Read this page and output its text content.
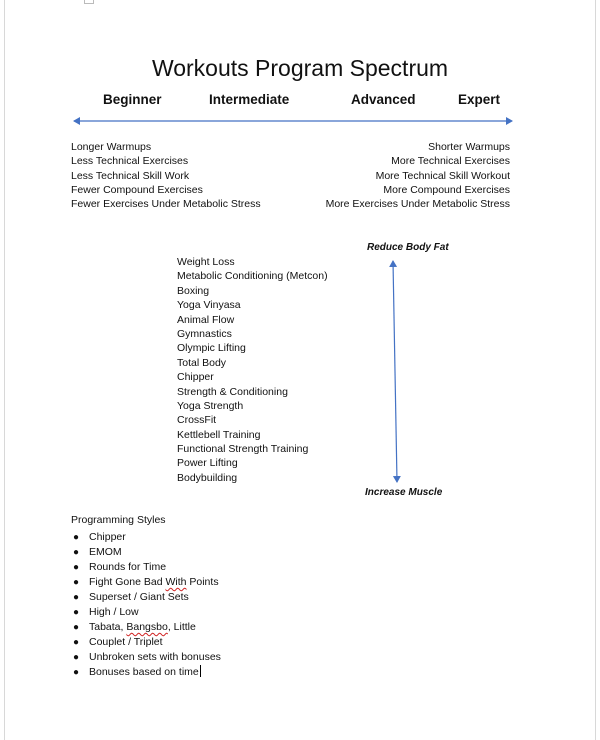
Workouts Program Spectrum
Beginner	Intermediate	Advanced	Expert
Longer Warmups
Less Technical Exercises
Less Technical Skill Work
Fewer Compound Exercises
Fewer Exercises Under Metabolic Stress
Shorter Warmups
More Technical Exercises
More Technical Skill Workout
More Compound Exercises
More Exercises Under Metabolic Stress
Reduce Body Fat
Increase Muscle
Weight Loss
Metabolic Conditioning (Metcon)
Boxing
Yoga Vinyasa
Animal Flow
Gymnastics
Olympic Lifting
Total Body
Chipper
Strength & Conditioning
Yoga Strength
CrossFit
Kettlebell Training
Functional Strength Training
Power Lifting
Bodybuilding
Programming Styles
● Chipper
● EMOM
● Rounds for Time
● Fight Gone Bad With Points
● Superset / Giant Sets
● High / Low
● Tabata, Bangsbo, Little
● Couplet / Triplet
● Unbroken sets with bonuses
● Bonuses based on time
